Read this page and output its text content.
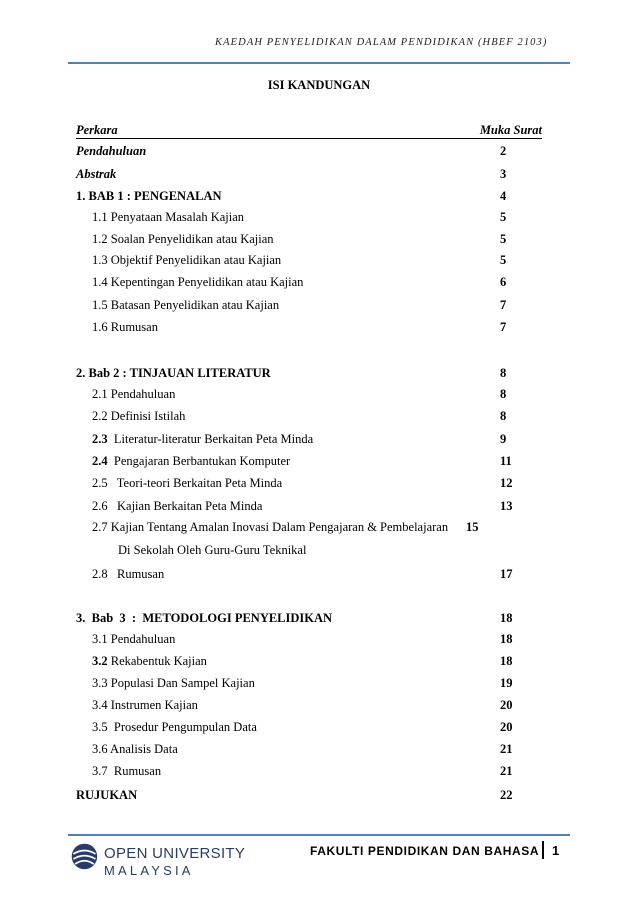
KAEDAH PENYELIDIKAN DALAM PENDIDIKAN (HBEF 2103)
ISI KANDUNGAN
Perkara	Muka Surat
Pendahuluan	2
Abstrak	3
1. BAB 1 : PENGENALAN	4
1.1 Penyataan Masalah Kajian	5
1.2 Soalan Penyelidikan atau Kajian	5
1.3 Objektif Penyelidikan atau Kajian	5
1.4 Kepentingan Penyelidikan atau Kajian	6
1.5 Batasan Penyelidikan atau Kajian	7
1.6 Rumusan	7
2. Bab 2 : TINJAUAN LITERATUR	8
2.1 Pendahuluan	8
2.2 Definisi Istilah	8
2.3  Literatur-literatur Berkaitan Peta Minda	9
2.4  Pengajaran Berbantukan Komputer	11
2.5   Teori-teori Berkaitan Peta Minda	12
2.6   Kajian Berkaitan Peta Minda	13
2.7 Kajian Tentang Amalan Inovasi Dalam Pengajaran & Pembelajaran 15
Di Sekolah Oleh Guru-Guru Teknikal
2.8   Rumusan	17
3.  Bab  3  :  METODOLOGI PENYELIDIKAN	18
3.1 Pendahuluan	18
3.2 Rekabentuk Kajian	18
3.3 Populasi Dan Sampel Kajian	19
3.4 Instrumen Kajian	20
3.5  Prosedur Pengumpulan Data	20
3.6 Analisis Data	21
3.7  Rumusan	21
RUJUKAN	22
OPEN UNIVERSITY
MALAYSIA
FAKULTI PENDIDIKAN DAN BAHASA 1
